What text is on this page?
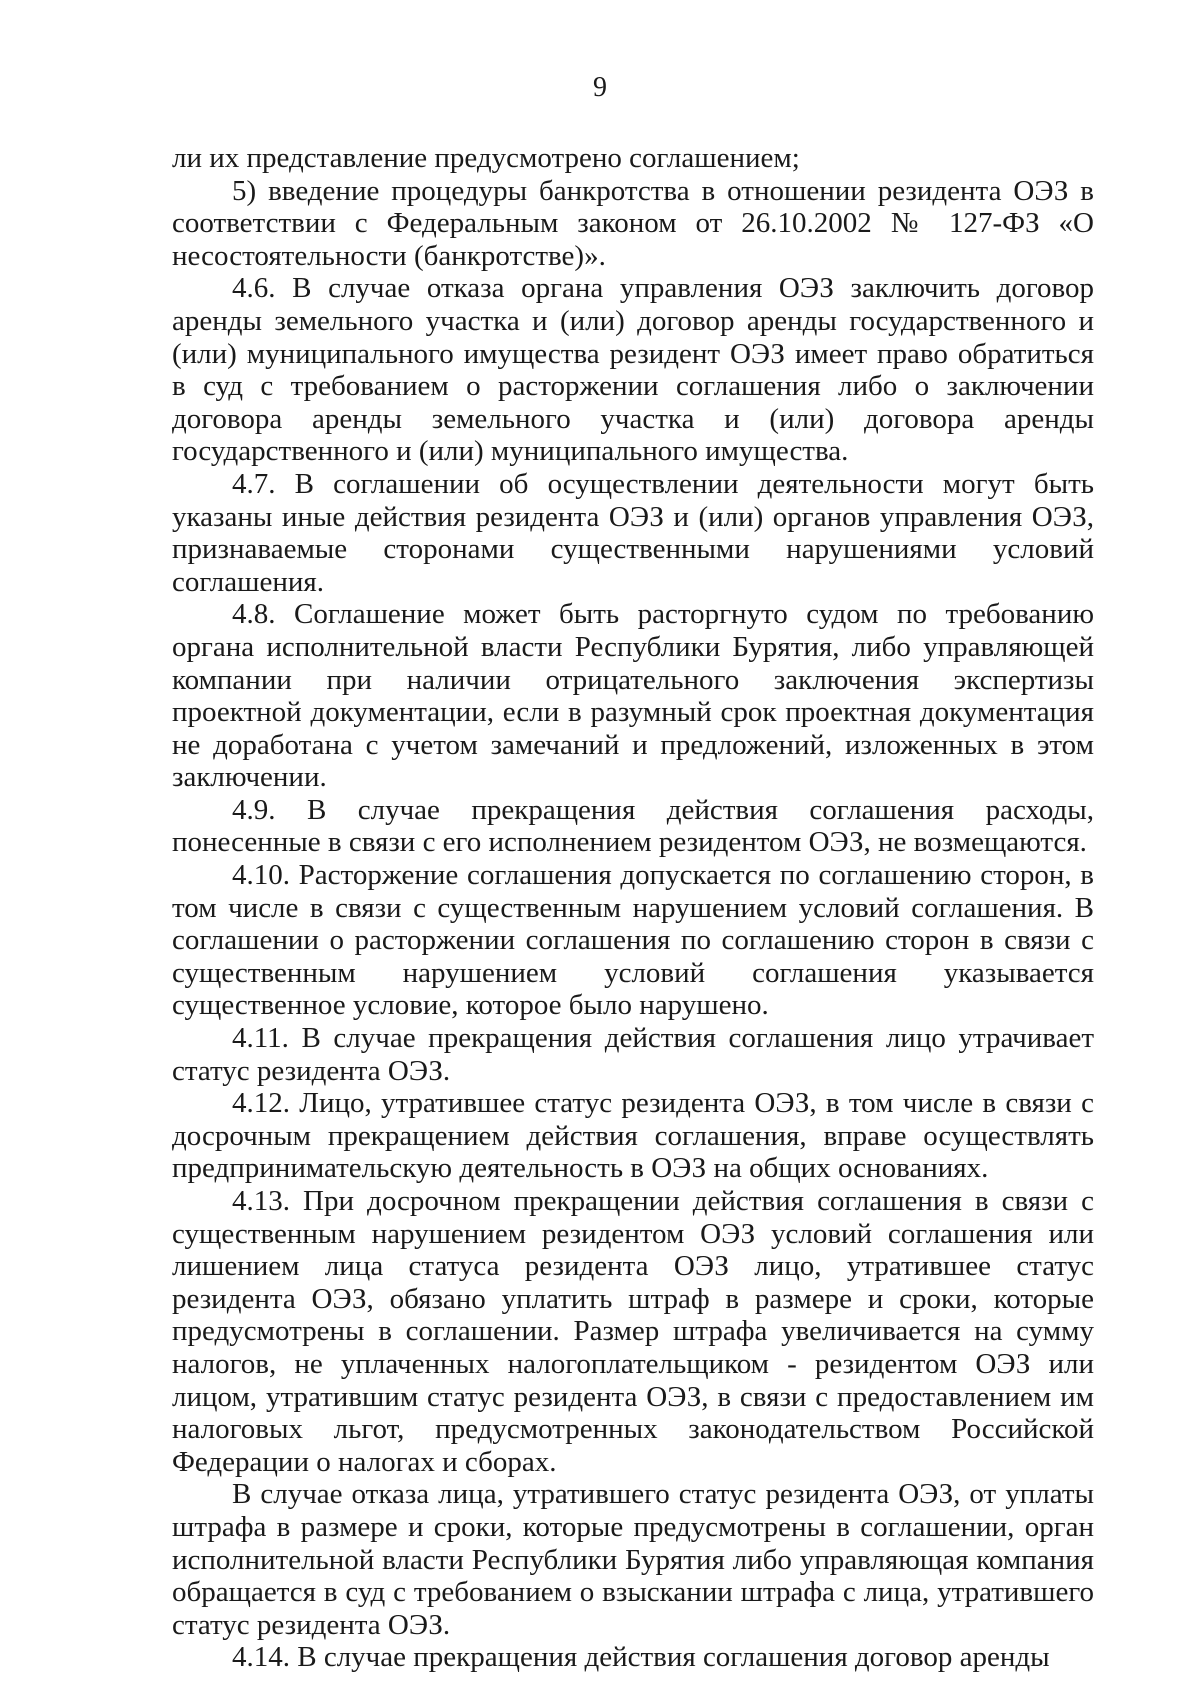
9

ли их представление предусмотрено соглашением;

5) введение процедуры банкротства в отношении резидента ОЭЗ в соответствии с Федеральным законом от 26.10.2002 № 127-ФЗ «О несостоятельности (банкротстве)».

4.6. В случае отказа органа управления ОЭЗ заключить договор аренды земельного участка и (или) договор аренды государственного и (или) муниципального имущества резидент ОЭЗ имеет право обратиться в суд с требованием о расторжении соглашения либо о заключении договора аренды земельного участка и (или) договора аренды государственного и (или) муниципального имущества.

4.7. В соглашении об осуществлении деятельности могут быть указаны иные действия резидента ОЭЗ и (или) органов управления ОЭЗ, признаваемые сторонами существенными нарушениями условий соглашения.

4.8. Соглашение может быть расторгнуто судом по требованию органа исполнительной власти Республики Бурятия, либо управляющей компании при наличии отрицательного заключения экспертизы проектной документации, если в разумный срок проектная документация не доработана с учетом замечаний и предложений, изложенных в этом заключении.

4.9. В случае прекращения действия соглашения расходы, понесенные в связи с его исполнением резидентом ОЭЗ, не возмещаются.

4.10. Расторжение соглашения допускается по соглашению сторон, в том числе в связи с существенным нарушением условий соглашения. В соглашении о расторжении соглашения по соглашению сторон в связи с существенным нарушением условий соглашения указывается существенное условие, которое было нарушено.

4.11. В случае прекращения действия соглашения лицо утрачивает статус резидента ОЭЗ.

4.12. Лицо, утратившее статус резидента ОЭЗ, в том числе в связи с досрочным прекращением действия соглашения, вправе осуществлять предпринимательскую деятельность в ОЭЗ на общих основаниях.

4.13. При досрочном прекращении действия соглашения в связи с существенным нарушением резидентом ОЭЗ условий соглашения или лишением лица статуса резидента ОЭЗ лицо, утратившее статус резидента ОЭЗ, обязано уплатить штраф в размере и сроки, которые предусмотрены в соглашении. Размер штрафа увеличивается на сумму налогов, не уплаченных налогоплательщиком - резидентом ОЭЗ или лицом, утратившим статус резидента ОЭЗ, в связи с предоставлением им налоговых льгот, предусмотренных законодательством Российской Федерации о налогах и сборах.

В случае отказа лица, утратившего статус резидента ОЭЗ, от уплаты штрафа в размере и сроки, которые предусмотрены в соглашении, орган исполнительной власти Республики Бурятия либо управляющая компания обращается в суд с требованием о взыскании штрафа с лица, утратившего статус резидента ОЭЗ.

4.14. В случае прекращения действия соглашения договор аренды
